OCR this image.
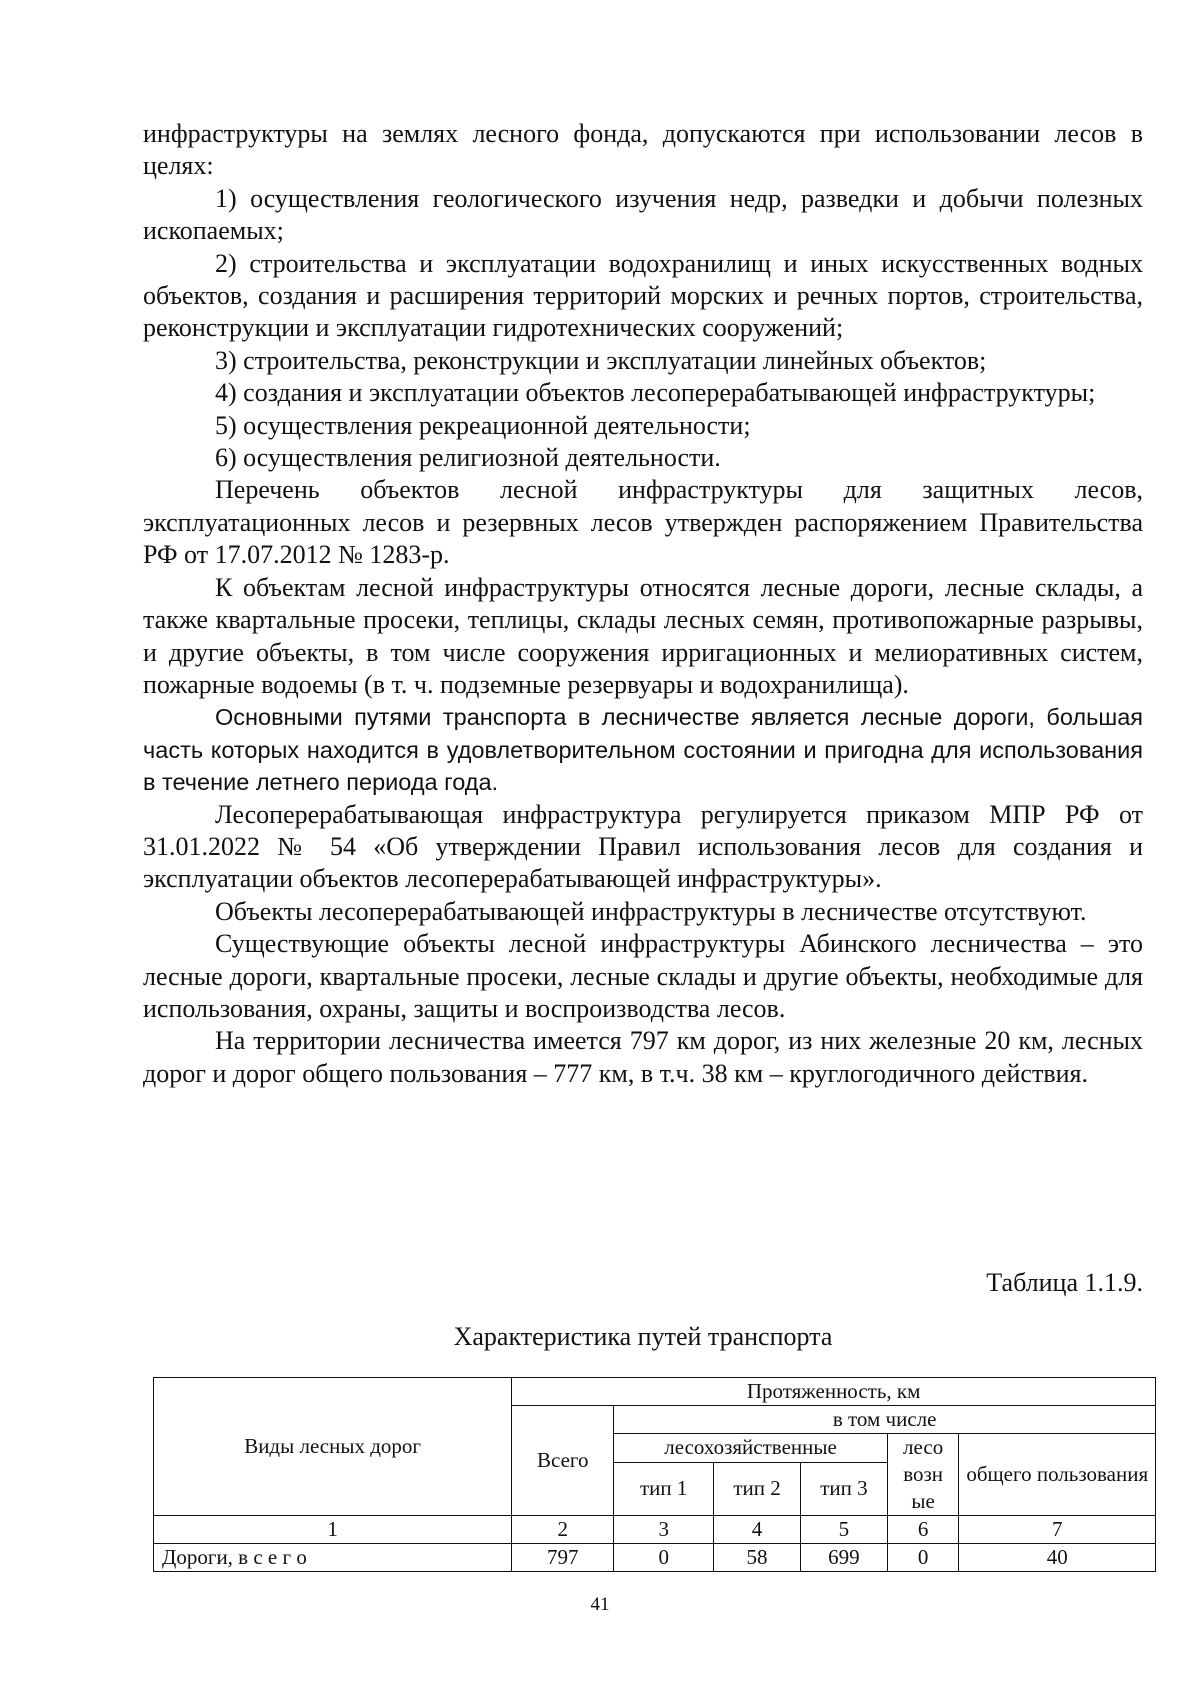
инфраструктуры на землях лесного фонда, допускаются при использовании лесов в целях:

1) осуществления геологического изучения недр, разведки и добычи полезных ископаемых;

2) строительства и эксплуатации водохранилищ и иных искусственных водных объектов, создания и расширения территорий морских и речных портов, строительства, реконструкции и эксплуатации гидротехнических сооружений;

3) строительства, реконструкции и эксплуатации линейных объектов;

4) создания и эксплуатации объектов лесоперерабатывающей инфраструктуры;

5) осуществления рекреационной деятельности;

6) осуществления религиозной деятельности.

Перечень объектов лесной инфраструктуры для защитных лесов, эксплуатационных лесов и резервных лесов утвержден распоряжением Правительства РФ от 17.07.2012 № 1283-р.

К объектам лесной инфраструктуры относятся лесные дороги, лесные склады, а также квартальные просеки, теплицы, склады лесных семян, противопожарные разрывы, и другие объекты, в том числе сооружения ирригационных и мелиоративных систем, пожарные водоемы (в т. ч. подземные резервуары и водохранилища).

Основными путями транспорта в лесничестве является лесные дороги, большая часть которых находится в удовлетворительном состоянии и пригодна для использования в течение летнего периода года.

Лесоперерабатывающая инфраструктура регулируется приказом МПР РФ от 31.01.2022 № 54 «Об утверждении Правил использования лесов для создания и эксплуатации объектов лесоперерабатывающей инфраструктуры».

Объекты лесоперерабатывающей инфраструктуры в лесничестве отсутствуют.

Существующие объекты лесной инфраструктуры Абинского лесничества – это лесные дороги, квартальные просеки, лесные склады и другие объекты, необходимые для использования, охраны, защиты и воспроизводства лесов.

На территории лесничества имеется 797 км дорог, из них железные 20 км, лесных дорог и дорог общего пользования – 777 км, в т.ч. 38 км – круглогодичного действия.

Таблица 1.1.9.
Характеристика путей транспорта
Виды лесных дорог	Протяженность, км					
	Всего	в том числе				
		лесохозяйственные			лесо возн ые	общего пользования
		тип 1	тип 2	тип 3		
1	2	3	4	5	6	7
Дороги, в с е г о	797	0	58	699	0	40
41
